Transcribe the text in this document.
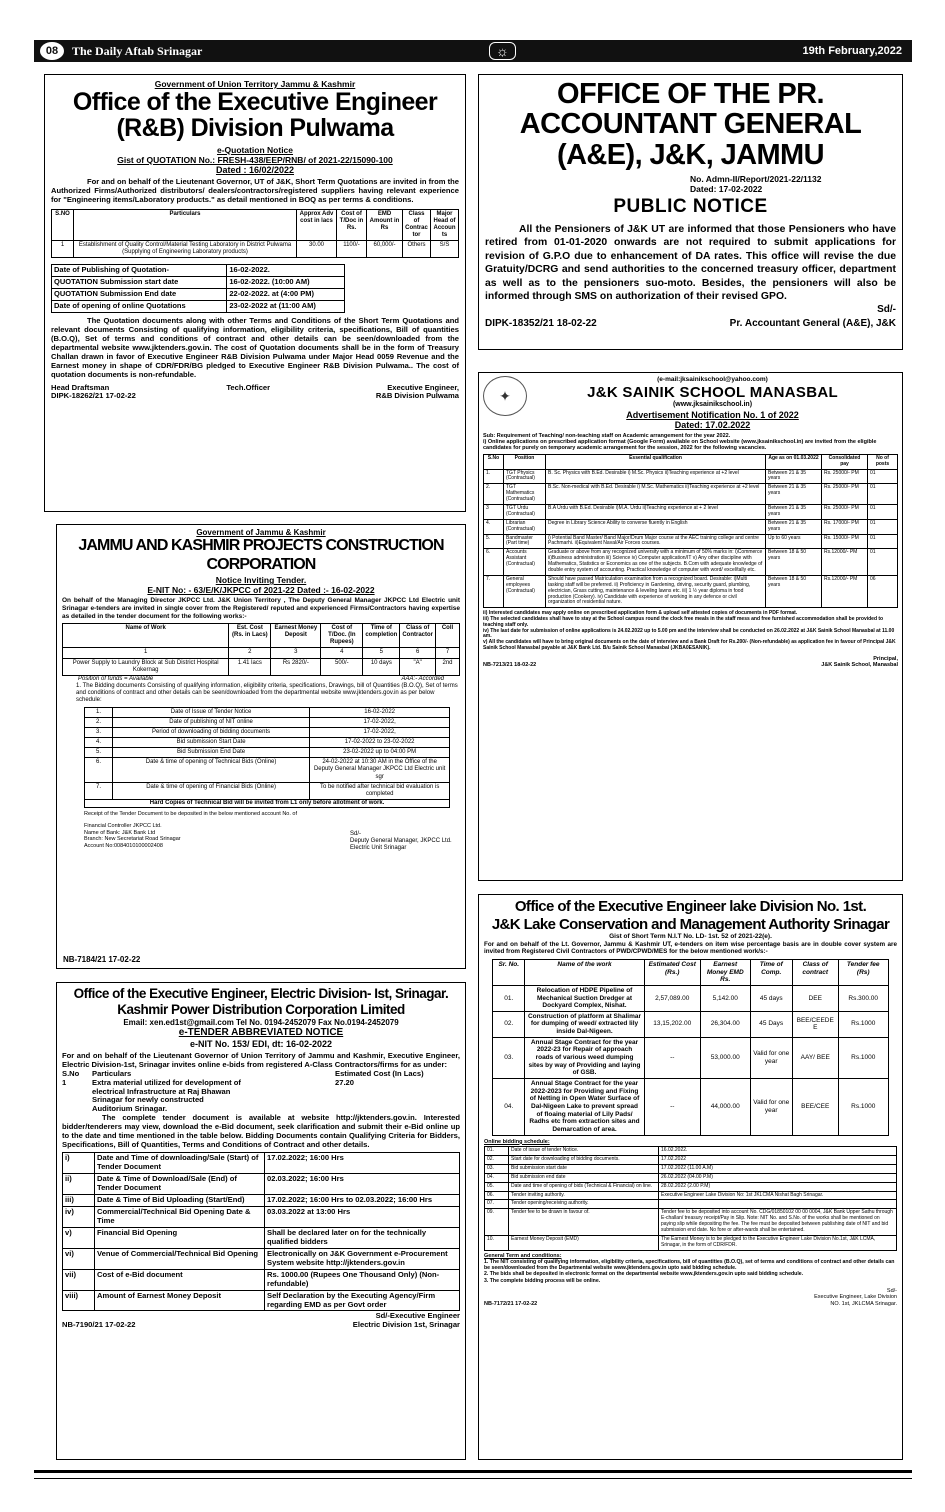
08	The Daily Aftab Srinagar	☼	19th February,2022
Government of Union Territory Jammu & Kashmir
Office of the Executive Engineer
(R&B) Division Pulwama
e-Quotation Notice
Gist of QUOTATION No.: FRESH-438/EEP/RNB/ of 2021-22/15090-100
Dated : 16/02/2022
For and on behalf of the Lieutenant Governor, UT of J&K, Short Term Quotations are invited in from the Authorized Firms/Authorized distributors/ dealers/contractors/registered suppliers having relevant experience for "Engineering items/Laboratory products." as detail mentioned in BOQ as per terms & conditions.
S.NO	Particulars	Approx Adv cost in lacs	Cost of T/Doc in Rs.	EMD Amount in Rs	Class of Contrac tor	Major Head of Accoun ts
1	Establishment of Quality Control/Material Testing Laboratory in District Pulwama (Supplying of Engineering Laboratory products)	30.00	1100/-	60,000/-	Others	S/S
Date of Publishing of Quotation-	16-02-2022.
QUOTATION Submission start date	16-02-2022. (10:00 AM)
QUOTATION Submission End date	22-02-2022. at (4:00 PM)
Date of opening of online Quotations	23-02-2022 at (11:00 AM)
The Quotation documents along with other Terms and Conditions of the Short Term Quotations and relevant documents Consisting of qualifying information, eligibility criteria, specifications, Bill of quantities (B.O.Q), Set of terms and conditions of contract and other details can be seen/downloaded from the departmental website www.jktenders.gov.in. The cost of Quotation documents shall be in the form of Treasury Challan drawn in favor of Executive Engineer R&B Division Pulwama under Major Head 0059 Revenue and the Earnest money in shape of CDR/FDR/BG pledged to Executive Engineer R&B Division Pulwama.. The cost of quotation documents is non-refundable.
Head Draftsman	Tech.Officer	Executive Engineer,
DIPK-18262/21 17-02-22	R&B Division Pulwama
OFFICE OF THE PR. ACCOUNTANT GENERAL
(A&E), J&K, JAMMU
No. Admn-II/Report/2021-22/1132
Dated: 17-02-2022
PUBLIC NOTICE
All the Pensioners of J&K UT are informed that those Pensioners who have retired from 01-01-2020 onwards are not required to submit applications for revision of G.P.O due to enhancement of DA rates. This office will revise the due Gratuity/DCRG and send authorities to the concerned treasury officer, department as well as to the pensioners suo-moto. Besides, the pensioners will also be informed through SMS on authorization of their revised GPO.
Sd/-
DIPK-18352/21 18-02-22	Pr. Accountant General (A&E), J&K
✦
(e-mail:jksainikschool@yahoo.com)
J&K SAINIK SCHOOL MANASBAL
(www.jksainikschool.in)
Advertisement Notification No. 1 of 2022
Dated: 17.02.2022
Sub: Requirement of Teaching/ non-teaching staff on Academic arrangement for the year 2022.
i) Online applications on prescribed application format (Google Form) available on School website (www.jksainikschool.in) are invited from the eligible candidates for purely on temporary academic arrangement for the session, 2022 for the following vacancies.
S.No	Position	Essential qualification	Age as on 01.03.2022	Consolidated pay	No of posts
1.	TGT Physics (Contractual)	B. Sc. Physics with B.Ed. Desirable i) M.Sc. Physics ii)Teaching experience at +2 level	Between 21 & 35 years	Rs. 25000/- PM	01
2.	TGT Mathematics (Contractual)	B.Sc. Non-medical with B.Ed. Desirable i) M.Sc. Mathematics ii)Teaching experience at +2 level	Between 21 & 35 years	Rs. 25000/- PM	01
3	TGT Urdu (Contractual)	B.A Urdu with B.Ed. Desirable i)M.A. Urdu ii)Teaching experience at + 2 level	Between 21 & 35 years	Rs. 25000/- PM	01
4.	Librarian (Contractual)	Degree in Library Science Ability to converse fluently in English	Between 21 & 35 years	Rs. 17000/- PM	01
5.	Bandmaster (Part time)	i) Potential Band Master/ Band Major/Drum Major course at the AEC training college and centre Pachmarhi. ii)Equivalent Naval/Air Forces courses.	Up to 60 years	Rs. 15000/- PM	01
6.	Accounts Assistant (Contractual)	Graduate or above from any recognized university with a minimum of 50% marks in: i)Commerce ii)Business administration iii) Science iv) Computer application/IT v) Any other discipline with Mathematics, Statistics or Economics as one of the subjects. B.Com with adequate knowledge of double entry system of accounting. Practical knowledge of computer with word/ excel/tally etc.	Between 18 & 50 years	Rs.12000/- PM	01
7.	General employees (Contractual)	Should have passed Matriculation examination from a recognized board. Desirable: i)Multi tasking staff will be preferred. ii) Proficiency in Gardening, driving, security guard, plumbing, electrician, Grass cutting, maintenance & leveling lawns etc. iii) 1 ½ year diploma in food production (Cookery). iv) Candidate with experience of working in any defence or civil organization of residential nature.	Between 18 & 50 years	Rs.12000/- PM	06
ii) Interested candidates may apply online on prescribed application form & upload self attested copies of documents in PDF format.
iii) The selected candidates shall have to stay at the School campus round the clock free meals in the staff mess and free furnished accommodation shall be provided to teaching staff only.
iv) The last date for submission of online applications is 24.02.2022 up to 5.00 pm and the interview shall be conducted on 26.02.2022 at J&K Sainik School Manasbal at 11.00 am.
v) All the candidates will have to bring original documents on the date of interview and a Bank Draft for Rs.200/- (Non-refundable) as application fee in favour of Principal J&K Sainik School Manasbal payable at J&K Bank Ltd. B/u Sainik School Manasbal (JKBA0ESANIK).
Principal,
NB-7213/21 18-02-22	J&K Sainik School, Manasbal
Government of Jammu & Kashmir
JAMMU AND KASHMIR PROJECTS CONSTRUCTION CORPORATION
Notice Inviting Tender.
E-NIT No: - 63/E/K/JKPCC of 2021-22 Dated :- 16-02-2022
On behalf of the Managing Director JKPCC Ltd. J&K Union Territory , The Deputy General Manager JKPCC Ltd Electric unit Srinagar e-tenders are invited in single cover from the Registered/ reputed and experienced Firms/Contractors having expertise as detailed in the tender document for the following works:-
Name of Work	Est. Cost (Rs. in Lacs)	Earnest Money Deposit	Cost of T/Doc. (In Rupees)	Time of completion	Class of Contractor	Coll
1	2	3	4	5	6	7
Power Supply to Laundry Block at Sub District Hospital Kokernag	1.41 lacs	Rs 2820/-	500/-	10 days	"A"	2nd
Position of funds = Available	AAA:- Accorded
1. The Bidding documents Consisting of qualifying information, eligibility criteria, specifications, Drawings, bill of Quantities (B.O.Q), Set of terms and conditions of contract and other details can be seen/downloaded from the departmental website www.jktenders.gov.in as per below schedule:
1.	Date of Issue of Tender Notice	16-02-2022
2.	Date of publishing of NIT online	17-02-2022,
3.	Period of downloading of bidding documents	17-02-2022,
4.	Bid submission Start Date	17-02-2022 to 23-02-2022
5.	Bid Submission End Date	23-02-2022 up to 04:00 PM
6.	Date & time of opening of Technical Bids (Online)	24-02-2022 at 10:30 AM in the Office of the Deputy General Manager JKPCC Ltd Electric unit sgr
7.	Date & time of opening of Financial Bids (Online)	To be notified after technical bid evaluation is completed
Hard Copies of Technical Bid will be invited from L1 only before allotment of work.
Receipt of the Tender Document to be deposited in the below mentioned account No. of
Financial Controller JKPCC Ltd.
Name of Bank: J&K Bank Ltd
Branch: New Secretariat Road Srinagar
Account No:0084010100002408
Sd/-
Deputy General Manager, JKPCC Ltd. Electric Unit Srinagar
NB-7184/21 17-02-22
Office of the Executive Engineer, Electric Division- Ist, Srinagar.
Kashmir Power Distribution Corporation Limited
Email: xen.ed1st@gmail.com Tel No. 0194-2452079 Fax No.0194-2452079
e-TENDER ABBREVIATED NOTICE
e-NIT No. 153/ EDI, dt: 16-02-2022
For and on behalf of the Lieutenant Governor of Union Territory of Jammu and Kashmir, Executive Engineer, Electric Division-1st, Srinagar invites online e-bids from registered A-Class Contractors/firms for as under:
S.No	Particulars	Estimated Cost (In Lacs)
1	Extra material utilized for development of electrical Infrastructure at Raj Bhawan Srinagar for newly constructed Auditorium Srinagar.
27.20
The complete tender document is available at website http://jktenders.gov.in. Interested bidder/tenderers may view, download the e-Bid document, seek clarification and submit their e-Bid online up to the date and time mentioned in the table below. Bidding Documents contain Qualifying Criteria for Bidders, Specifications, Bill of Quantities, Terms and Conditions of Contract and other details.
i)	Date and Time of downloading/Sale (Start) of Tender Document	17.02.2022; 16:00 Hrs
ii)	Date & Time of Download/Sale (End) of Tender Document	02.03.2022; 16:00 Hrs
iii)	Date & Time of Bid Uploading (Start/End)	17.02.2022; 16:00 Hrs to 02.03.2022; 16:00 Hrs
iv)	Commercial/Technical Bid Opening Date & Time	03.03.2022 at 13:00 Hrs
v)	Financial Bid Opening	Shall be declared later on for the technically qualified bidders
vi)	Venue of Commercial/Technical Bid Opening	Electronically on J&K Government e-Procurement System website http://jktenders.gov.in
vii)	Cost of e-Bid document	Rs. 1000.00 (Rupees One Thousand Only) (Non-refundable)
viii)	Amount of Earnest Money Deposit	Self Declaration by the Executing Agency/Firm regarding EMD as per Govt order
Sd/-Executive Engineer
NB-7190/21 17-02-22	Electric Division 1st, Srinagar
Office of the Executive Engineer lake Division No. 1st.
J&K Lake Conservation and Management Authority Srinagar
Gist of Short Term N.I.T No. LD- 1st. 52 of 2021-22(e).
For and on behalf of the Lt. Governor, Jammu & Kashmir UT, e-tenders on item wise percentage basis are in double cover system are invited from Registered Civil Contractors of PWD/CPWD/MES for the below mentioned work/s:-
Sr. No.	Name of the work	Estimated Cost (Rs.)	Earnest Money EMD Rs.	Time of Comp.	Class of contract	Tender fee (Rs)
01.	Relocation of HDPE Pipeline of Mechanical Suction Dredger at Dockyard Complex, Nishat.	2,57,089.00	5,142.00	45 days	DEE	Rs.300.00
02.	Construction of platform at Shalimar for dumping of weed/ extracted lily inside Dal-Nigeen.	13,15,202.00	26,304.00	45 Days	BEE/CEEDE E	Rs.1000
03.	Annual Stage Contract for the year 2022-23 for Repair of approach roads of various weed dumping sites by way of Providing and laying of GSB.	--	53,000.00	Valid for one year	AAY/ BEE	Rs.1000
04.	Annual Stage Contract for the year 2022-2023 for Providing and Fixing of Netting in Open Water Surface of Dal-Nigeen Lake to prevent spread of floaing material of Lily Pads/ Radhs etc from extraction sites and Demarcation of area.	--	44,000.00	Valid for one year	BEE/CEE	Rs.1000
Online bidding schedule:
01.	Date of issue of tender Notice.	16.02.2022.
02.	Start date for downloading of bidding documents.	17.02.2022
03.	Bid submission start date	17.02.2022 (11.00 A.M)
04.	Bid submission end date	26.02.2022 (04.00 P.M)
05.	Date and time of opening of bids (Technical & Financial) on line.	28.02.2022 (2.00 P.M)
06.	Tender inviting authority.	Executive Engineer Lake Division No: 1st JKLCMA Nishat Bagh Srinagar.
07.	Tender opening/receiving authority.	
09.	Tender fee to be drawn in favour of.	Tender fee to be deposited into account No. CDG/01850102 00 00 0004, J&K Bank Upper Sathu through E-challan/ treasury receipt/Pay in Slip. Note: NIT No. and S.No. of the works shall be mentioned on paying slip while depositing the fee. The fee must be deposited between publishing date of NIT and bid submission end date. No fore or after-wards shall be entertained.
10.	Earnest Money Deposit (EMD)	The Earnest Money is to be pledged to the Executive Engineer Lake Division No.1st, J&K LCMA, Srinagar, in the form of CDR/FDR.
General Term and conditions:
1. The NIT consisting of qualifying information, eligibility criteria, specifications, bill of quantities (B.O.Q), set of terms and conditions of contract and other details can be seen/downloaded from the Departmental website www.jktenders.gov.in upto said bidding schedule.
2. The bids shall be deposited in electronic format on the departmental website www.jktenders.gov.in upto said bidding schedule.
3. The complete bidding process will be online.
NB-7172/21 17-02-22
Sd/-
Executive Engineer, Lake Division NO. 1st, JKLCMA Srinagar.
